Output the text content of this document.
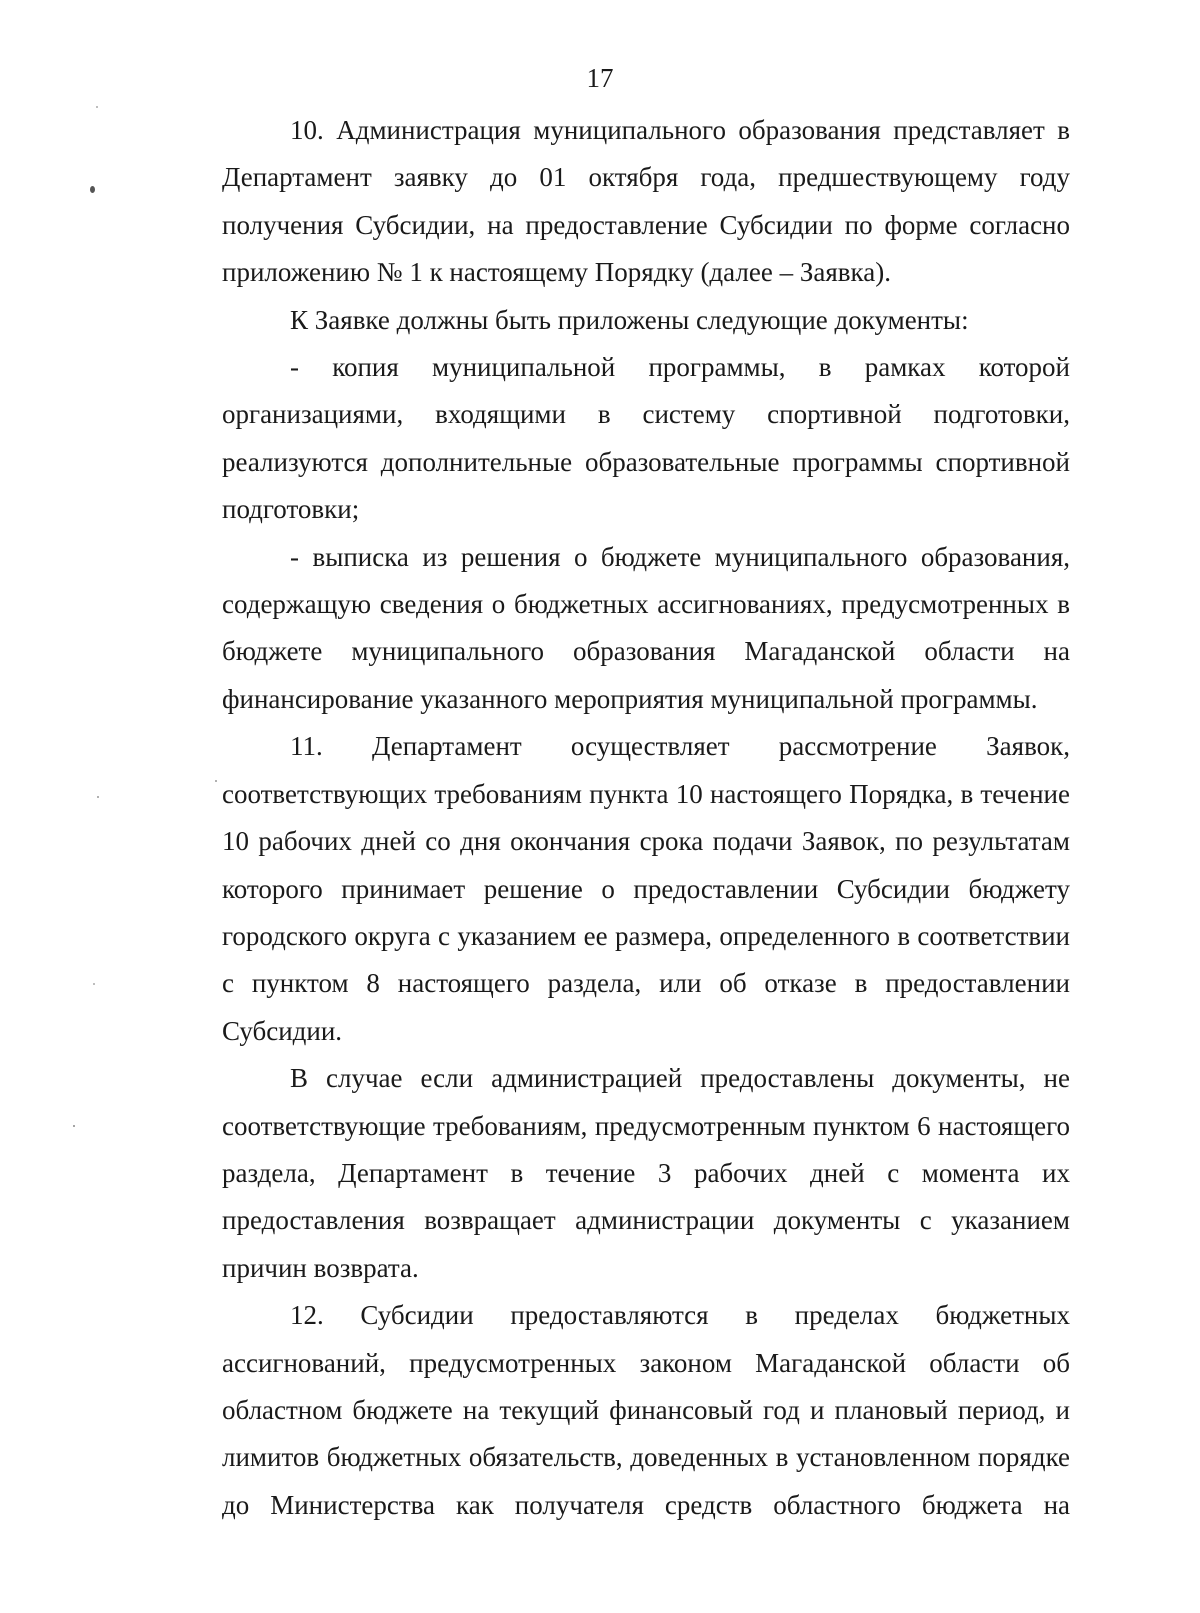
17

10. Администрация муниципального образования представляет в Департамент заявку до 01 октября года, предшествующему году получения Субсидии, на предоставление Субсидии по форме согласно приложению № 1 к настоящему Порядку (далее – Заявка).

К Заявке должны быть приложены следующие документы:

- копия муниципальной программы, в рамках которой организациями, входящими в систему спортивной подготовки, реализуются дополнительные образовательные программы спортивной подготовки;

- выписка из решения о бюджете муниципального образования, содержащую сведения о бюджетных ассигнованиях, предусмотренных в бюджете муниципального образования Магаданской области на финансирование указанного мероприятия муниципальной программы.

11. Департамент осуществляет рассмотрение Заявок, соответствующих требованиям пункта 10 настоящего Порядка, в течение 10 рабочих дней со дня окончания срока подачи Заявок, по результатам которого принимает решение о предоставлении Субсидии бюджету городского округа с указанием ее размера, определенного в соответствии с пунктом 8 настоящего раздела, или об отказе в предоставлении Субсидии.

В случае если администрацией предоставлены документы, не соответствующие требованиям, предусмотренным пунктом 6 настоящего раздела, Департамент в течение 3 рабочих дней с момента их предоставления возвращает администрации документы с указанием причин возврата.

12. Субсидии предоставляются в пределах бюджетных ассигнований, предусмотренных законом Магаданской области об областном бюджете на текущий финансовый год и плановый период, и лимитов бюджетных обязательств, доведенных в установленном порядке до Министерства как получателя средств областного бюджета на
